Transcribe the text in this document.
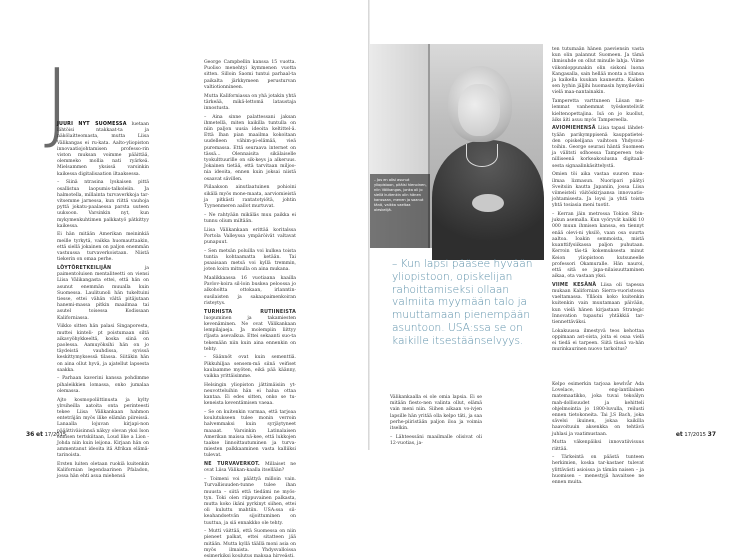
J

JUURI NYT SUOMESSA luetaan lähtöisi ntakkaat-ta ja näkölaitteomasta, mutta Liisa Välikangas ei ru-kata. Aalto-yliopiston innovaatiojohtamisen professo-rin viston muksan voimme pääittää, olemmeko mollia nati ryärkeä. Mielsammen yksissä varsinkin kaikessa digitalisaation iltaaksessa.

– Siinä ntrasina lyskaisen pittä osallistua laopumis-talkoleiin. Ja halmotella, millainta turvaverkkoja tar-vitsemme jarnessa, kun riittä vauhoja pyttä jokatu-paalaessa parsta uuteen uuksoon. Varsinkin nyt, kun mykymenkuhtimen palkkatyö pätkittyy kaikessa.

Ei hän mitään Amerikan meininkiä meille tyrkytä, vaikka huomauttaakin, että siellä jokainen on paljon enemmän vastuussa turvaverkoistaan. Niistä tiekerin on omaa perhe.

LÖYTÖRETKEILIJÄN	ja paimentoluisen mentaliteetti on viensi Liisa Välikangasta ettei, että hän on asunut enemmän muualla kuin Suomessa. Laulitunoli hän tukeltuini tiesse, ettei vähän vältä pitäjutaan hanemi-massa pitkin maailmaa tai asutel toisessa Kodissaan Kaliforniassa.

Viikko sitten hän palasi Singaporesta, muttei kinteli- pt poistumaan siltä aikavyöhykkeeltä, koska siinä on paolessa. Aamuyöksihi hän on jo täydeistä vauhdissa, syvissä keskittymyksessä tilassa. Siitäkin hän on aina ollut hyvä, ja ajatellut lapsesta saakka.

– Parhaan kaverini kanssa pohdimme pihaleikkien lomassa, onko jumalaa olemassa.

Ajto kosmopoliittinusta ja kylty ylrsiheilla aatoita onta perinteesti tekee Liisa Välikankaan hahmon enteträjän myös ilike elämän piireissä. Lanaalla lojuvan kirjapi-non pääättiväisinnsä näkyy olevan yksi Ison ennisen tertskiitaan, Loud like a Lion - Johda niin kuin leijona. Kirjaan hän on ammentanut ideoita itä Afrikan elämä-tarinoista.

Ersten luiten oletaan ruokiä kuitenkin Kalifornian legendaarinen Pfaladon, jossa hän ehti asua miehensä

George Campbellin kanssa 15 vuotta. Puoliso menehtyi kymmenen vuotta sitten. Silloin Saomi tuntui parhaal-ta paikalta järkkymeen perusturvan valtiotionnineen.

Mutta Kaliforniassa on yhä jotakin yhtä tärkeää, mikä-lettomä lataustaja innostusta.

– Aina sinne palattessani jaksan ihmetellä, miten kaikilla tuntulla on niin paljon uusia ideoita keltittel-ä. Että lhan pian maailma kokoitaan uudelleen vähim-pi-elämää, vieä puremassa. Että seuraava internet on tässä… Olennaisita sikälaiselle tyokulttuurille on sik-keys ja alkeruus. Jokainen tietää, että tarvitaan miljoo-nia ideoita, ennen kuin joksai niistä osaavat sävillen.

Piilaakson ainutlaatuinen pohioini sikälä myös mone-maata, aarviomieistä ja pitkästi rantatotyiötä, johtin Tyynenmeren aallot murtuvat.

– Ne rahtyään mikäläs muu paikka ei tunnu olium miltään.

Liisa Välikankaan erittää koritalssa Portola Valleyssa ympäröivät valtavat punapuut.

– Sen metsän poluilla voi kulkea toista tuntia kohtaamatta ketään. Tai psaaisaan metsä voi kyllä tremmin, joten koira mitnulla on aina mukana.

Maalikkaassa 16 vuotiaana kaailla Pavlov-koira sil-loin buskea peloossa jo alkoholtta ottokaan, irlanntin-susilaisten ja sakaapaimenkoiran risteytys.

TURHISTA RUTIINEISTA luopuminen ja takamiesten kevenäminen. Ne ovat Välikankaan lempilajaeja. Ja molempiin liittyy rljasta asevalkua. Ettei sekaanti suo-ta tekemään niin kuin aina ennenkin on tehty.

– Säännöt ovat kuin sementtiä. Pikkuhiljaa sensem-mä siinä veifiset kaulaamme myöten, eikä pää käänny, vaikka yrittäisimme.

Helsingin yliopiston jättimäisiin yt-neuvotteluihin hän ei halua ottaa kantaa. Ei edes sitten, onko se tu-keneista keventämisen vaeaa.

– Se on kuitenkin varmaa, että tarjoaa koulutukseen tulee monin verroin halvemmaksi kuin syrjäytyneet maaaat. Varsinkin Latinalaisen Amerikan maissa nä-kee, että lukkojen taakse linnoittautuminen ja turva-miesten palkkaaminen vasta kalliiksi tulevat.

NE TURVAVERKOT. Millaiset ne ovat Liisa Välikan-kaalla itsellään?

– Toimeni voi päättyä milloin vain. Turvallisuuden-tunne tulee ihan muusta – siitä että tiedämi ne myös-tyn. Toki olen riippuvainen palkasta, mutta koko ikäni pyrkinyt siihen, ettei oli kuluttu mahtiin. USA:ssa sii-keahandsetvän sijoittuminen on tuuttua, ja siä ennakkko ole tehty.

– Muttì väittää, että Suomessa on niin pieneet palkat, ettei sitatteen jää mitään. Mutta kyllä täällä moni asia on myös ilmaista. Yhdysvalloissa esimerkiksi koulutus maksaa hirveästi.

36 et 17/2015	et 17/2015 37
– Jos en olisi asunut yliopistoon, pitäisi hienoinen, niin Välikangas, jonka oli jo siellä kuitenkin olin hänen kanssaan, menen ja saanut tänä, vaikka vaeltaa oleskelijä.
– Kun lapsi pääsee hyvään yliopistoon, opiskelijan rahoittamiseksi ollaan valmiita myymään talo ja muuttamaan pienempään asuntoon. USA:ssa se on kaikille itsestäänselvyys.

Välikankaalla ei ole omia lapsia. Ei se mitään fiesto-nen valinta ollut, elämä vain meni niin. Siihen aikaan vo-ivjen lapsille hän yritää olla kelpo täti, ja saa perhe-piiristään paljon iloa ja voimia itselkin.

– Lähteessäni maailmalle olisivat oli 12-vuotias, ja-

ten tutumaän hänen paeviensin vasta kun olin palannut Suomeen. Ja tämä ihmisuhde on ollut minulle lahja. Viime viikonloppunakin olin siskoni luona Kangasalla, sain hellää monta a tilansa ja kaikella kuukan kauneutta. Kaiken sen lyyhin jäljihi huomasin hymyileväni vielä maa-nantainakin.

Tamperetta varttuneen Liisan mo-lemmat vanhemmat työskentelivät kieltenopettajina. Isä on jo kuollut, äiks äiti asuu myös Tampereella.

AVIOMIEHENSÄ Liisa tapasi lähdet-tyään parikymppisenä kauppatietei-den opiskelijana vaihtoon Yhdysval-toihin. George seurasi häntä Suomeen ja välitsti sdhoessa Tampereen tek-nilliseenä korkeakoulusna digitaali-sesta signaalinkäsittelystä.

Omien töi aika vastaa suuren maa-ilmaa lizmasun. Nuoripari päätyi Sveitsiin kautta Japaniin, jossa Liisa viimeisteli väitöskirjaansa innovaatio-johtamisesta. Ja loysi ja yhtä toista yhtä tosiasia meni tuotit.

– Kerran jäin metrossa Tokion Shin-jukun asemalla. Kun vyöryvät kaikki 10 000 muun ihmisen kanssa, en tiennyt enää olevi-ni yksilö, vaan osa suurta aaltoa. Ioakin semmoista, mistä kuanttifysiikassa paljon puhutaan. Kerroin täs-tä kokemuksesta minut Keion yliopistoon kutsuneelle professori Okamuralle. Hän nauroi, että sitä se japa-nilaisuuttaminen aikaa, ota vastaan yksi.

VIIME KESÄNÄ Liisa oli tapessa mukaan Kalifornian Sierra-vuoristossa vaeltamassa. Ylläoin koko kuitenkin kuitenkin vain muutamaan päivään, kun vielä hänen kirjastaan Strategic Innovation tupautui yhtäkkiä tar-tiennettäväksi.

Lokakuussa ilmestyvä teos kehottaa oppimaan ast-oista, joita ei osaa vielä ei tiedä ei tarpeen. Siitä tässä va-hän murinkaurinen nuovo tarkoitus?

Kelpo esimerkin tarjoaa kewlvår Ada Lovelace, eng-lantilainen matemaatikko, joka tuvai tekoälyn mah-dollisuudet ja kehitteli ohjelmointia jo 1800-luvulla, reilusti ennen tietokoneita. Tai J.S Bach, joka sävelsi ikuinen, jokaa kaikilla haavoituuin aksenkka on tehtävä juhlasi ja vaatimustaan.

Mutta väkenpäiksi innovatiivisuus riittää.

– Tärkeintä on päästä tunteen herkimien, koska tar-kastaer tulevat ylittävästi asioissa ja tämän naisen – ja huomisen – menestyjä havaitsee ne ennen muita.
